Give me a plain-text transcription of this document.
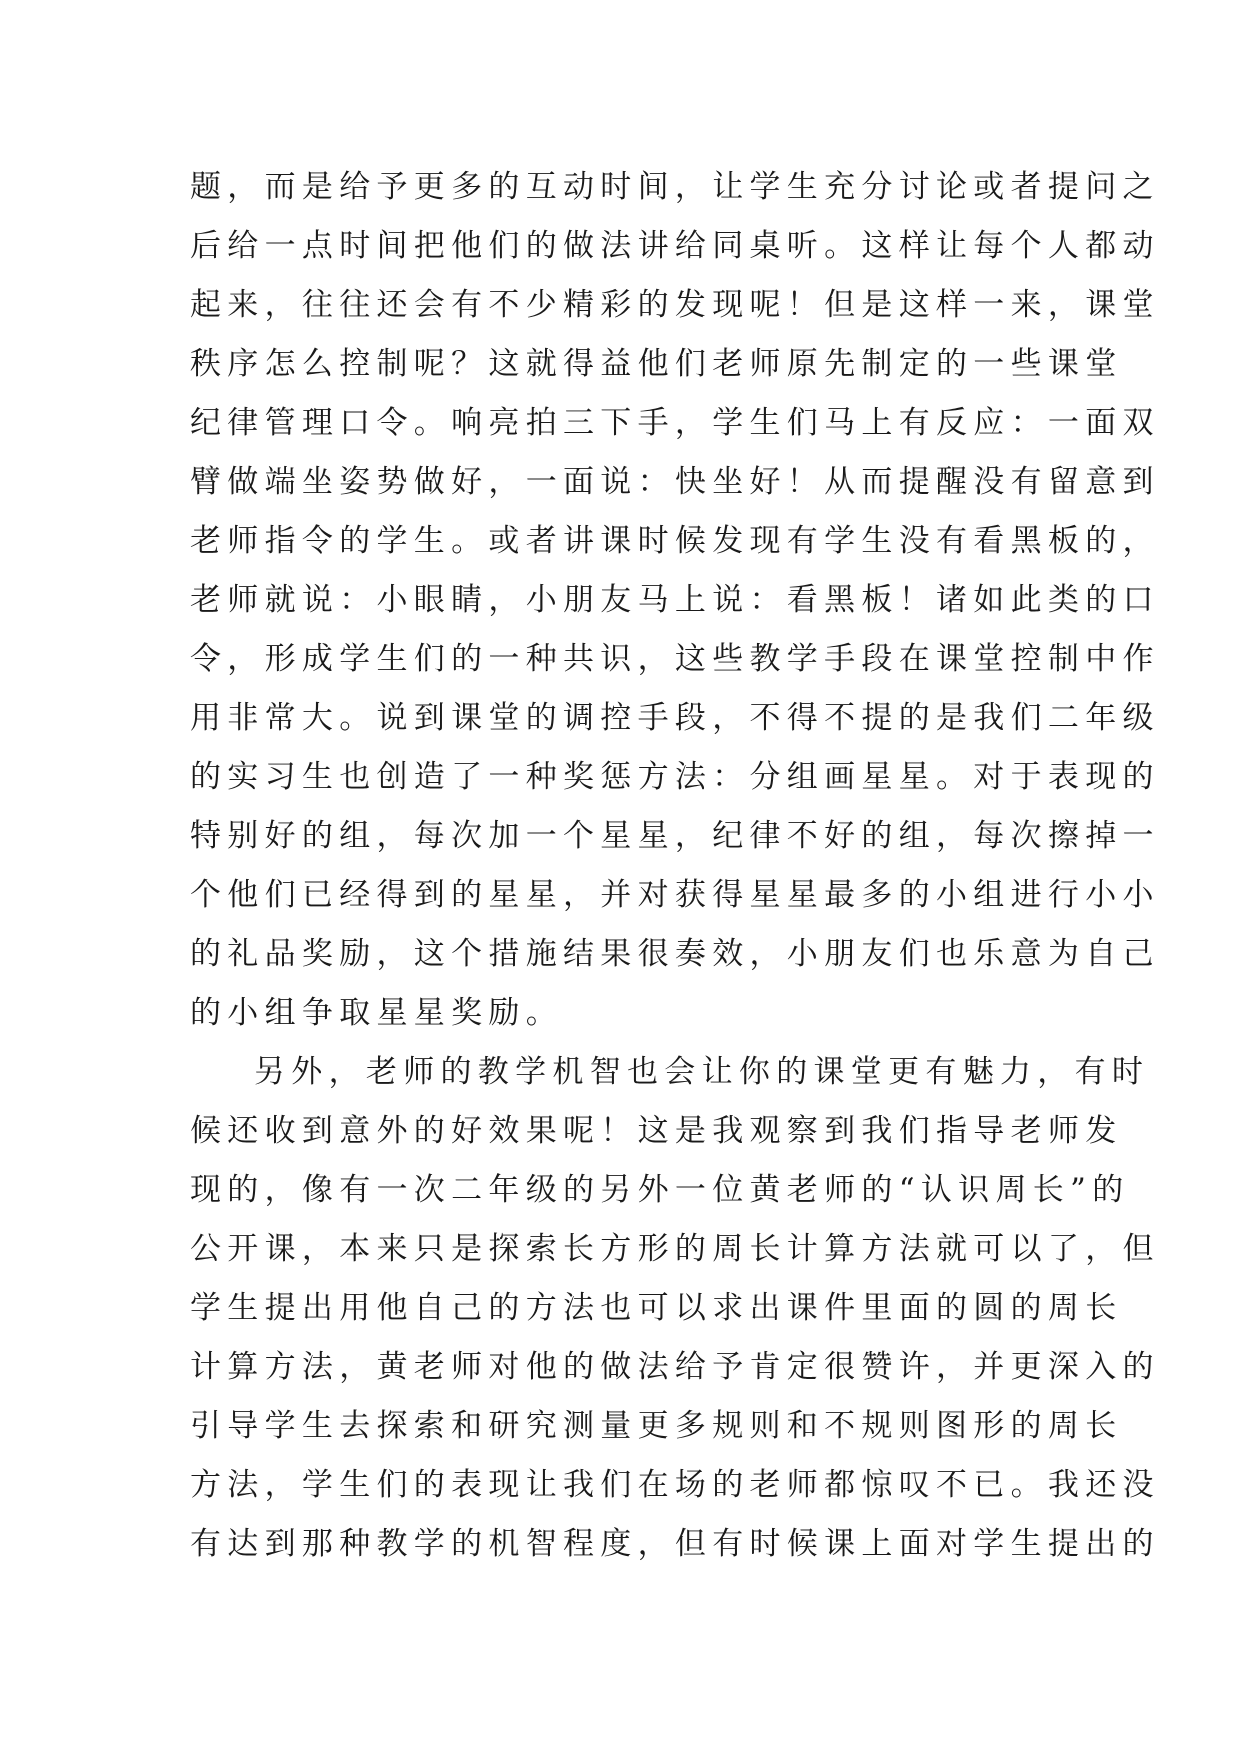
题，而是给予更多的互动时间，让学生充分讨论或者提问之
后给一点时间把他们的做法讲给同桌听。这样让每个人都动
起来，往往还会有不少精彩的发现呢！但是这样一来，课堂
秩序怎么控制呢？这就得益他们老师原先制定的一些课堂
纪律管理口令。响亮拍三下手，学生们马上有反应：一面双
臂做端坐姿势做好，一面说：快坐好！从而提醒没有留意到
老师指令的学生。或者讲课时候发现有学生没有看黑板的，
老师就说：小眼睛，小朋友马上说：看黑板！诸如此类的口
令，形成学生们的一种共识，这些教学手段在课堂控制中作
用非常大。说到课堂的调控手段，不得不提的是我们二年级
的实习生也创造了一种奖惩方法：分组画星星。对于表现的
特别好的组，每次加一个星星，纪律不好的组，每次擦掉一
个他们已经得到的星星，并对获得星星最多的小组进行小小
的礼品奖励，这个措施结果很奏效，小朋友们也乐意为自己
的小组争取星星奖励。
另外，老师的教学机智也会让你的课堂更有魅力，有时
候还收到意外的好效果呢！这是我观察到我们指导老师发
现的，像有一次二年级的另外一位黄老师的“认识周长”的
公开课，本来只是探索长方形的周长计算方法就可以了，但
学生提出用他自己的方法也可以求出课件里面的圆的周长
计算方法，黄老师对他的做法给予肯定很赞许，并更深入的
引导学生去探索和研究测量更多规则和不规则图形的周长
方法，学生们的表现让我们在场的老师都惊叹不已。我还没
有达到那种教学的机智程度，但有时候课上面对学生提出的
